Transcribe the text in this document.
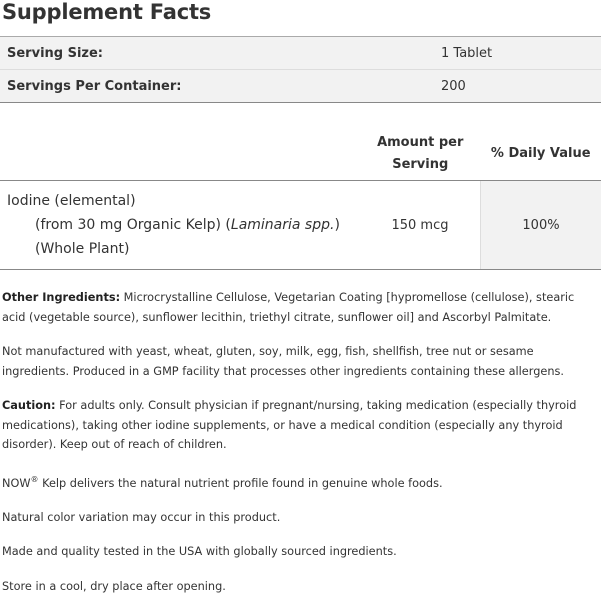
Supplement Facts
Serving Size:	1 Tablet
Servings Per Container:	200
	Amount per Serving	% Daily Value

Iodine (elemental)
(from 30 mg Organic Kelp) (Laminaria spp.)
(Whole Plant)	150 mcg	100%

Other Ingredients: Microcrystalline Cellulose, Vegetarian Coating [hypromellose (cellulose), stearic acid (vegetable source), sunflower lecithin, triethyl citrate, sunflower oil] and Ascorbyl Palmitate.

Not manufactured with yeast, wheat, gluten, soy, milk, egg, fish, shellfish, tree nut or sesame ingredients. Produced in a GMP facility that processes other ingredients containing these allergens.

Caution: For adults only. Consult physician if pregnant/nursing, taking medication (especially thyroid medications), taking other iodine supplements, or have a medical condition (especially any thyroid disorder). Keep out of reach of children.

NOW® Kelp delivers the natural nutrient profile found in genuine whole foods.

Natural color variation may occur in this product.

Made and quality tested in the USA with globally sourced ingredients.

Store in a cool, dry place after opening.
